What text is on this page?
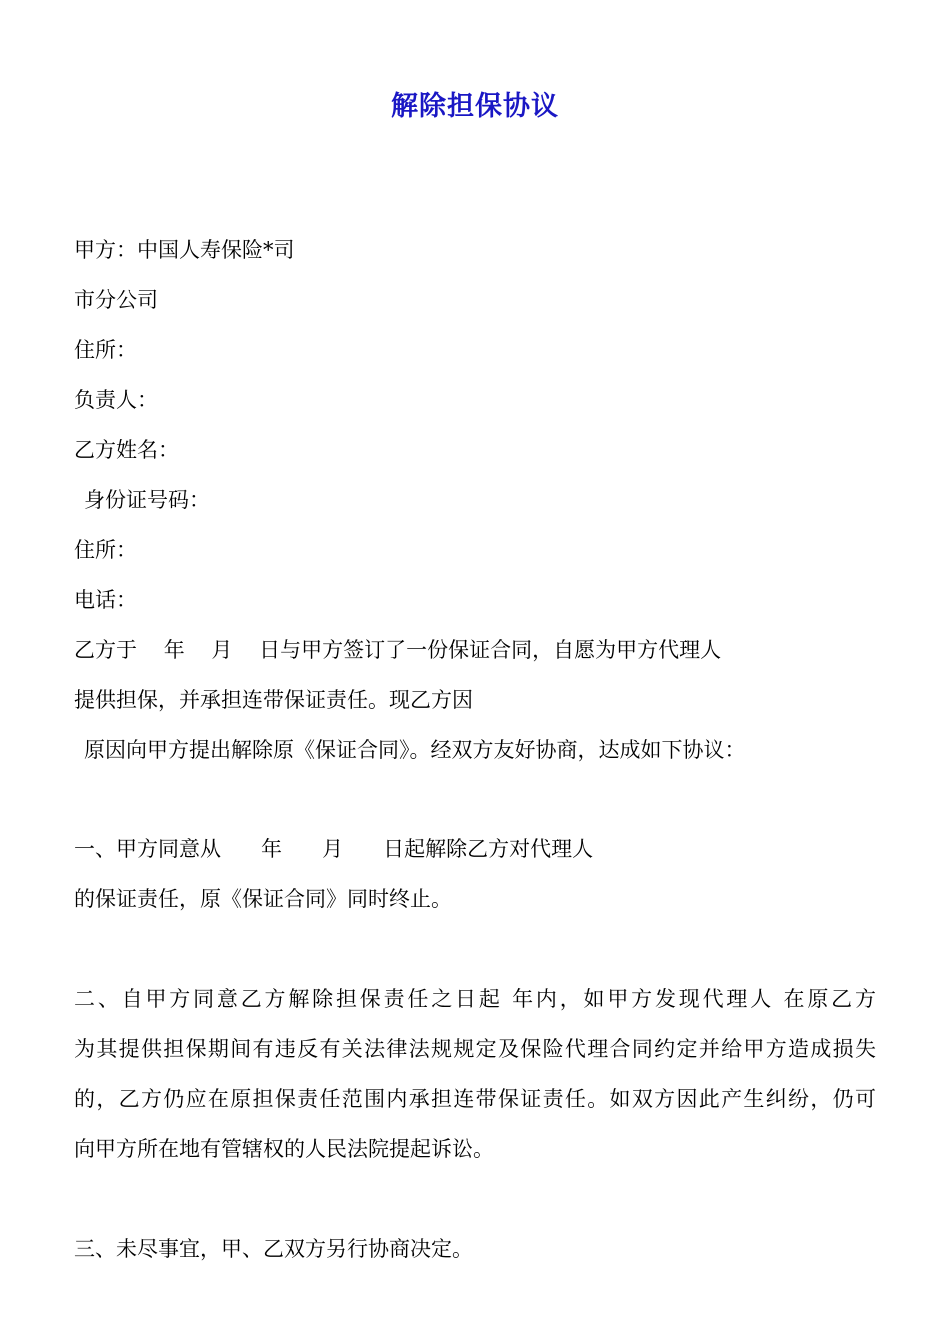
解除担保协议
甲方：中国人寿保险*司
市分公司
住所：
负责人：
乙方姓名：
身份证号码：
住所：
电话：
乙方于    年    月    日与甲方签订了一份保证合同，自愿为甲方代理人
提供担保，并承担连带保证责任。现乙方因
原因向甲方提出解除原《保证合同》。经双方友好协商，达成如下协议：
一、甲方同意从      年      月      日起解除乙方对代理人
的保证责任，原《保证合同》同时终止。
二、自甲方同意乙方解除担保责任之日起 年内，如甲方发现代理人 在原乙方
为其提供担保期间有违反有关法律法规规定及保险代理合同约定并给甲方造成损失
的，乙方仍应在原担保责任范围内承担连带保证责任。如双方因此产生纠纷，仍可
向甲方所在地有管辖权的人民法院提起诉讼。
三、未尽事宜，甲、乙双方另行协商决定。
